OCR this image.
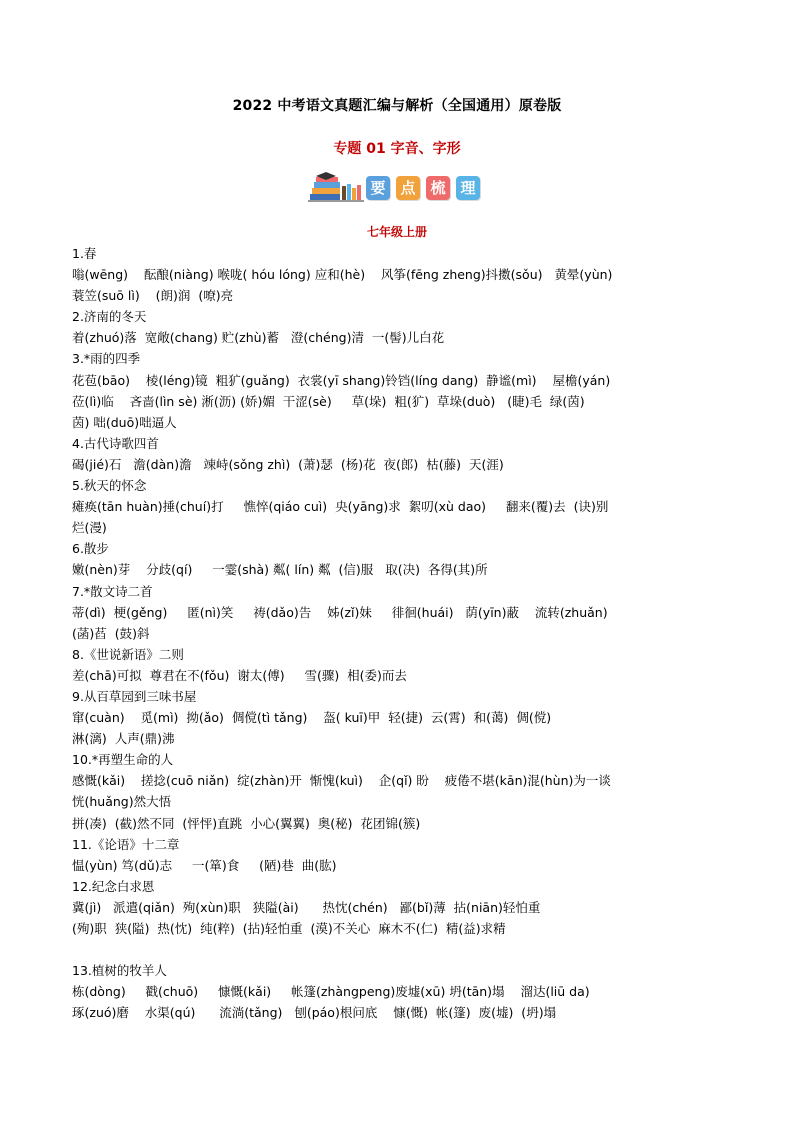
2022 中考语文真题汇编与解析（全国通用）原卷版
专题 01 字音、字形
要 点 梳 理
七年级上册
1.春
嗡(wēng)    酝酿(niàng) 喉咙( hóu lóng) 应和(hè)    风筝(fēng zheng)抖擞(sǒu)   黄晕(yùn)
蓑笠(suō lì)    (朗)润  (嘹)亮
2.济南的冬天
着(zhuó)落  宽敞(chang) 贮(zhù)蓄   澄(chéng)清  一(髻)儿白花
3.*雨的四季
花苞(bāo)    棱(léng)镜  粗犷(guǎng)  衣裳(yī shang)铃铛(líng dang)  静谧(mì)    屋檐(yán)
莅(lì)临    吝啬(lìn sè) 淅(沥) (娇)媚  干涩(sè)     草(垛)  粗(犷)  草垛(duò)   (睫)毛  绿(茵)
茵) 咄(duō)咄逼人
4.古代诗歌四首
碣(jié)石   澹(dàn)澹   竦峙(sǒng zhì)  (萧)瑟  (杨)花  夜(郎)  枯(藤)  天(涯)
5.秋天的怀念
瘫痪(tān huàn)捶(chuí)打     憔悴(qiáo cuì)  央(yāng)求  絮叨(xù dao)     翻来(覆)去  (诀)别
烂(漫)
6.散步
嫩(nèn)芽    分歧(qí)     一霎(shà) 粼( lín) 粼  (信)服   取(决)  各得(其)所
7.*散文诗二首
蒂(dì)  梗(gěng)     匿(nì)笑     祷(dǎo)告    姊(zǐ)妹     徘徊(huái)   荫(yīn)蔽    流转(zhuǎn)
(菡)萏  (鼓)斜
8.《世说新语》二则
差(chā)可拟  尊君在不(fǒu)  谢太(傅)     雪(骤)  相(委)而去
9.从百草园到三味书屋
窜(cuàn)    觅(mì)  拗(ǎo)  倜傥(tì tǎng)    盔( kuī)甲  轻(捷)  云(霄)  和(蔼)  倜(傥)
淋(漓)  人声(鼎)沸
10.*再塑生命的人
感慨(kǎi)    搓捻(cuō niǎn)  绽(zhàn)开  惭愧(kuì)    企(qǐ) 盼    疲倦不堪(kān)混(hùn)为一谈
恍(huǎng)然大悟
拼(凑)  (截)然不同  (怦怦)直跳  小心(翼翼)  奥(秘)  花团锦(簇)
11.《论语》十二章
愠(yùn) 笃(dǔ)志     一(箪)食     (陋)巷  曲(肱)
12.纪念白求恩
冀(jì)   派遣(qiǎn)  殉(xùn)职   狭隘(ài)      热忱(chén)   鄙(bǐ)薄  拈(niān)轻怕重
(殉)职  狭(隘)  热(忱)  纯(粹)  (拈)轻怕重  (漠)不关心  麻木不(仁)  精(益)求精
13.植树的牧羊人
栋(dòng)     戳(chuō)     慷慨(kǎi)     帐篷(zhàngpeng)废墟(xū) 坍(tān)塌    溜达(liū da)
琢(zuó)磨    水渠(qú)      流淌(tǎng)   刨(páo)根问底    慷(慨)  帐(篷)  废(墟)  (坍)塌
